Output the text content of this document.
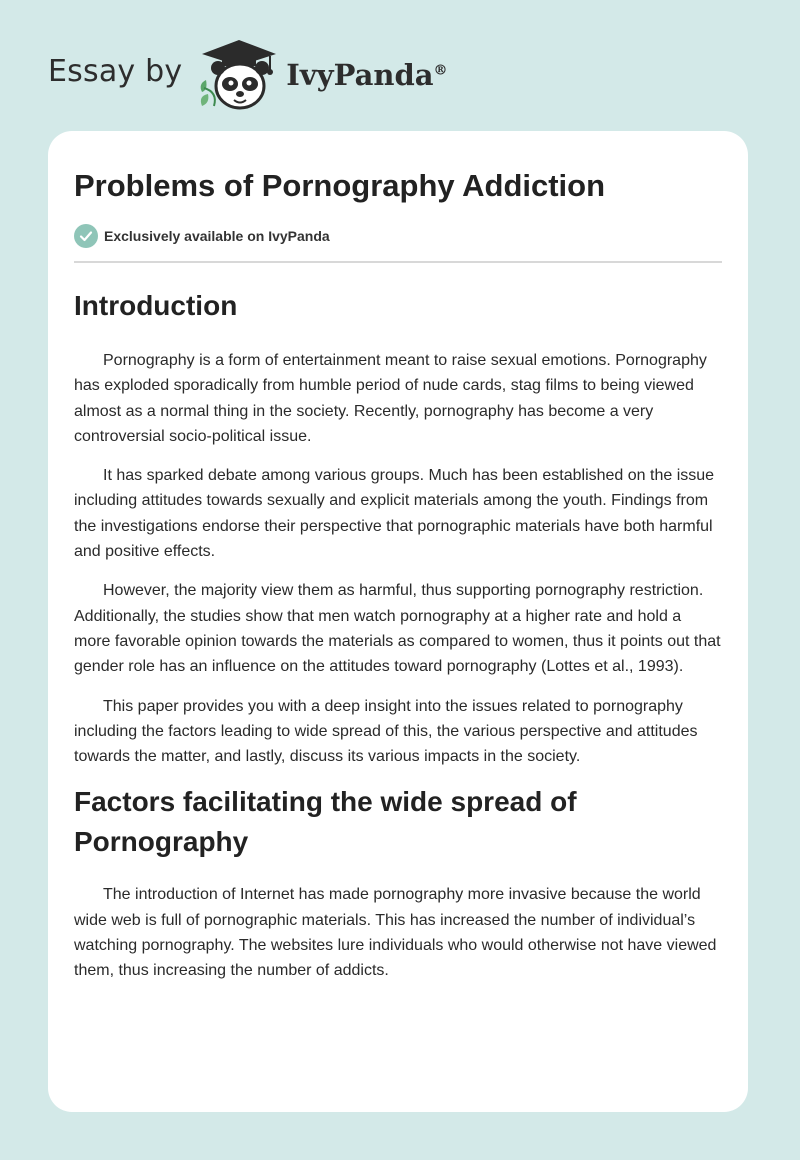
Essay by	IvyPanda®
Problems of Pornography Addiction
Exclusively available on IvyPanda
Introduction

Pornography is a form of entertainment meant to raise sexual emotions. Pornography has exploded sporadically from humble period of nude cards, stag films to being viewed almost as a normal thing in the society. Recently, pornography has become a very controversial socio-political issue.

It has sparked debate among various groups. Much has been established on the issue including attitudes towards sexually and explicit materials among the youth. Findings from the investigations endorse their perspective that pornographic materials have both harmful and positive effects.

However, the majority view them as harmful, thus supporting pornography restriction. Additionally, the studies show that men watch pornography at a higher rate and hold a more favorable opinion towards the materials as compared to women, thus it points out that gender role has an influence on the attitudes toward pornography (Lottes et al., 1993).

This paper provides you with a deep insight into the issues related to pornography including the factors leading to wide spread of this, the various perspective and attitudes towards the matter, and lastly, discuss its various impacts in the society.

Factors facilitating the wide spread of Pornography

The introduction of Internet has made pornography more invasive because the world wide web is full of pornographic materials. This has increased the number of individual’s watching pornography. The websites lure individuals who would otherwise not have viewed them, thus increasing the number of addicts.
